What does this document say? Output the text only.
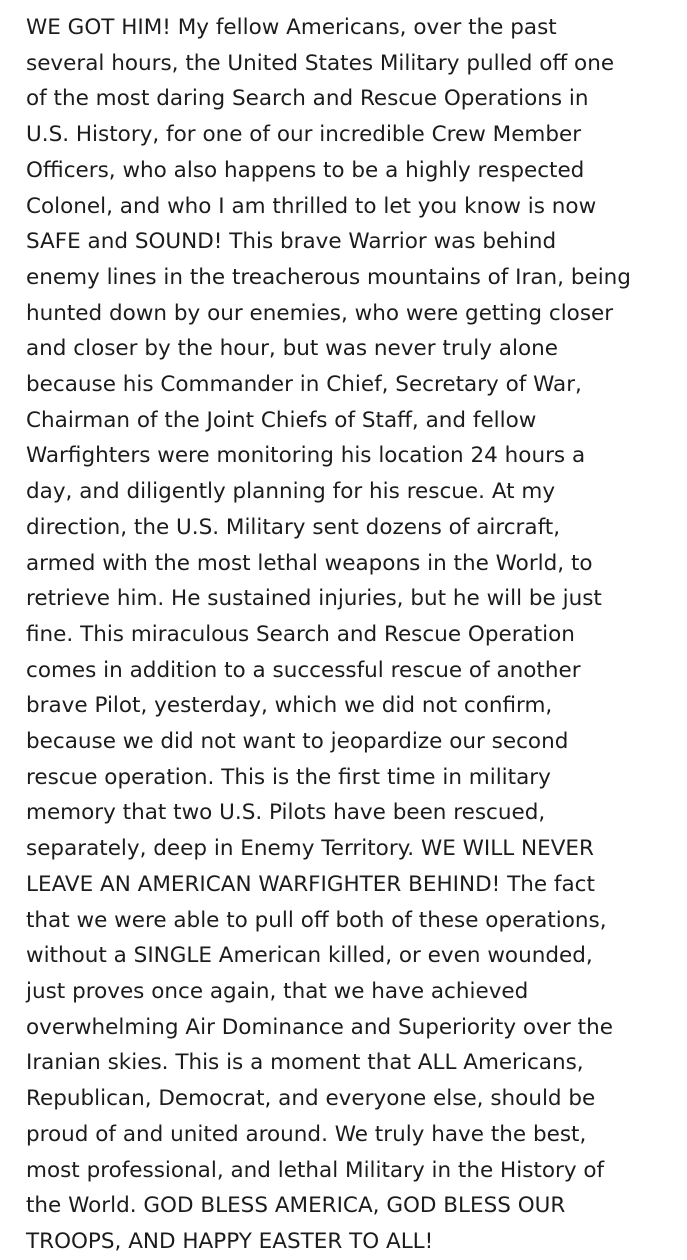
WE GOT HIM! My fellow Americans, over the past
several hours, the United States Military pulled off one
of the most daring Search and Rescue Operations in
U.S. History, for one of our incredible Crew Member
Officers, who also happens to be a highly respected
Colonel, and who I am thrilled to let you know is now
SAFE and SOUND! This brave Warrior was behind
enemy lines in the treacherous mountains of Iran, being
hunted down by our enemies, who were getting closer
and closer by the hour, but was never truly alone
because his Commander in Chief, Secretary of War,
Chairman of the Joint Chiefs of Staff, and fellow
Warfighters were monitoring his location 24 hours a
day, and diligently planning for his rescue. At my
direction, the U.S. Military sent dozens of aircraft,
armed with the most lethal weapons in the World, to
retrieve him. He sustained injuries, but he will be just
fine. This miraculous Search and Rescue Operation
comes in addition to a successful rescue of another
brave Pilot, yesterday, which we did not confirm,
because we did not want to jeopardize our second
rescue operation. This is the first time in military
memory that two U.S. Pilots have been rescued,
separately, deep in Enemy Territory. WE WILL NEVER
LEAVE AN AMERICAN WARFIGHTER BEHIND! The fact
that we were able to pull off both of these operations,
without a SINGLE American killed, or even wounded,
just proves once again, that we have achieved
overwhelming Air Dominance and Superiority over the
Iranian skies. This is a moment that ALL Americans,
Republican, Democrat, and everyone else, should be
proud of and united around. We truly have the best,
most professional, and lethal Military in the History of
the World. GOD BLESS AMERICA, GOD BLESS OUR
TROOPS, AND HAPPY EASTER TO ALL!
